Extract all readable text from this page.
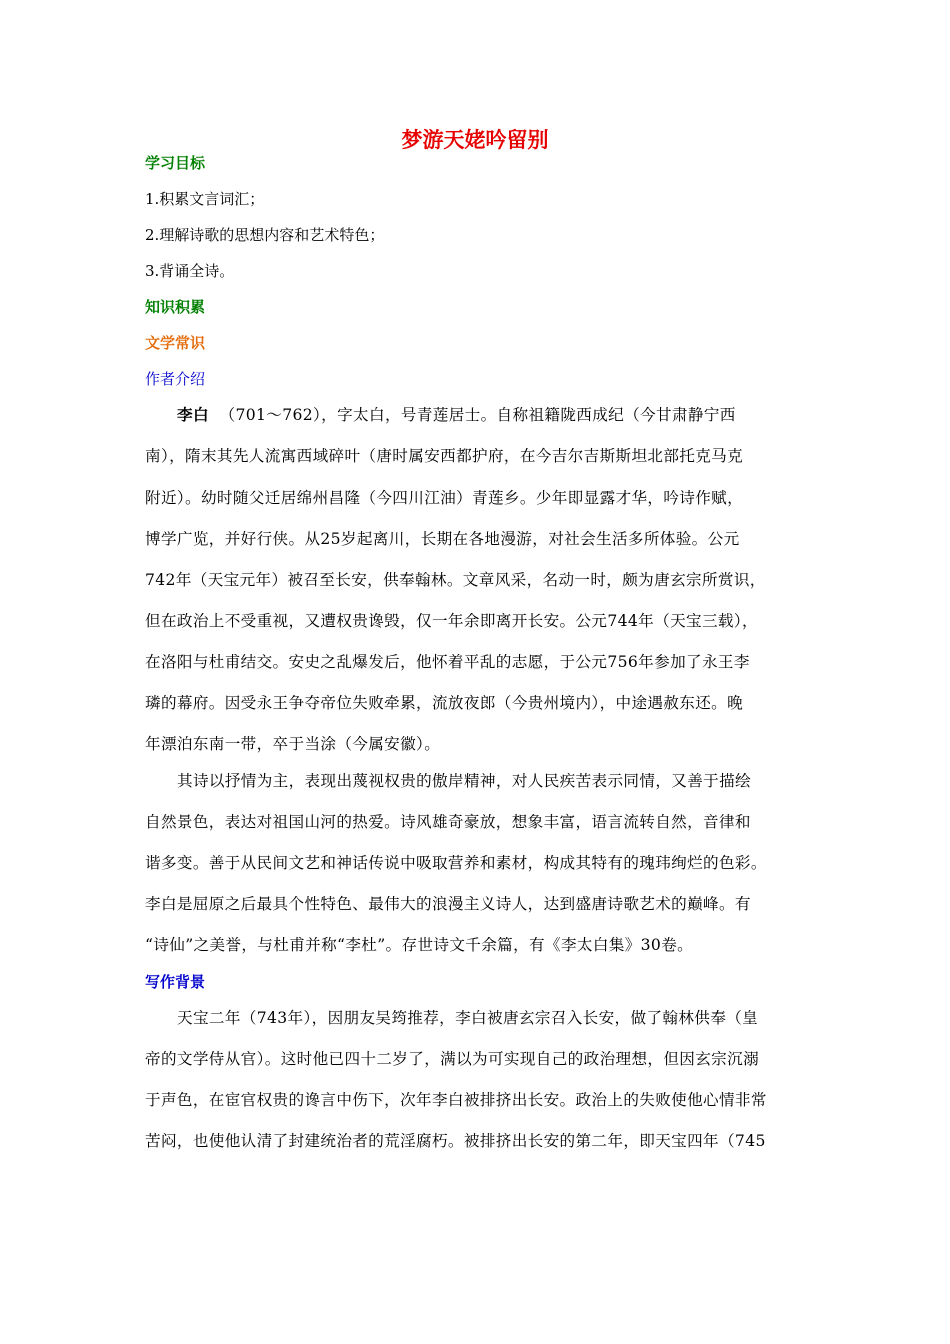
梦游天姥吟留别
学习目标
1.积累文言词汇；
2.理解诗歌的思想内容和艺术特色；
3.背诵全诗。
知识积累
文学常识
作者介绍
李白 （701～762），字太白，号青莲居士。自称祖籍陇西成纪（今甘肃静宁西
南），隋末其先人流寓西域碎叶（唐时属安西都护府，在今吉尔吉斯斯坦北部托克马克
附近）。幼时随父迁居绵州昌隆（今四川江油）青莲乡。少年即显露才华，吟诗作赋，
博学广览，并好行侠。从25岁起离川，长期在各地漫游，对社会生活多所体验。公元
742年（天宝元年）被召至长安，供奉翰林。文章风采，名动一时，颇为唐玄宗所赏识，
但在政治上不受重视，又遭权贵谗毁，仅一年余即离开长安。公元744年（天宝三载），
在洛阳与杜甫结交。安史之乱爆发后，他怀着平乱的志愿，于公元756年参加了永王李
璘的幕府。因受永王争夺帝位失败牵累，流放夜郎（今贵州境内），中途遇赦东还。晚
年漂泊东南一带，卒于当涂（今属安徽）。
其诗以抒情为主，表现出蔑视权贵的傲岸精神，对人民疾苦表示同情，又善于描绘
自然景色，表达对祖国山河的热爱。诗风雄奇豪放，想象丰富，语言流转自然，音律和
谐多变。善于从民间文艺和神话传说中吸取营养和素材，构成其特有的瑰玮绚烂的色彩。
李白是屈原之后最具个性特色、最伟大的浪漫主义诗人，达到盛唐诗歌艺术的巅峰。有
“诗仙”之美誉，与杜甫并称“李杜”。存世诗文千余篇，有《李太白集》30卷。
写作背景
天宝二年（743年），因朋友吴筠推荐，李白被唐玄宗召入长安，做了翰林供奉（皇
帝的文学侍从官）。这时他已四十二岁了，满以为可实现自己的政治理想，但因玄宗沉溺
于声色，在宦官权贵的谗言中伤下，次年李白被排挤出长安。政治上的失败使他心情非常
苦闷，也使他认清了封建统治者的荒淫腐朽。被排挤出长安的第二年，即天宝四年（745
